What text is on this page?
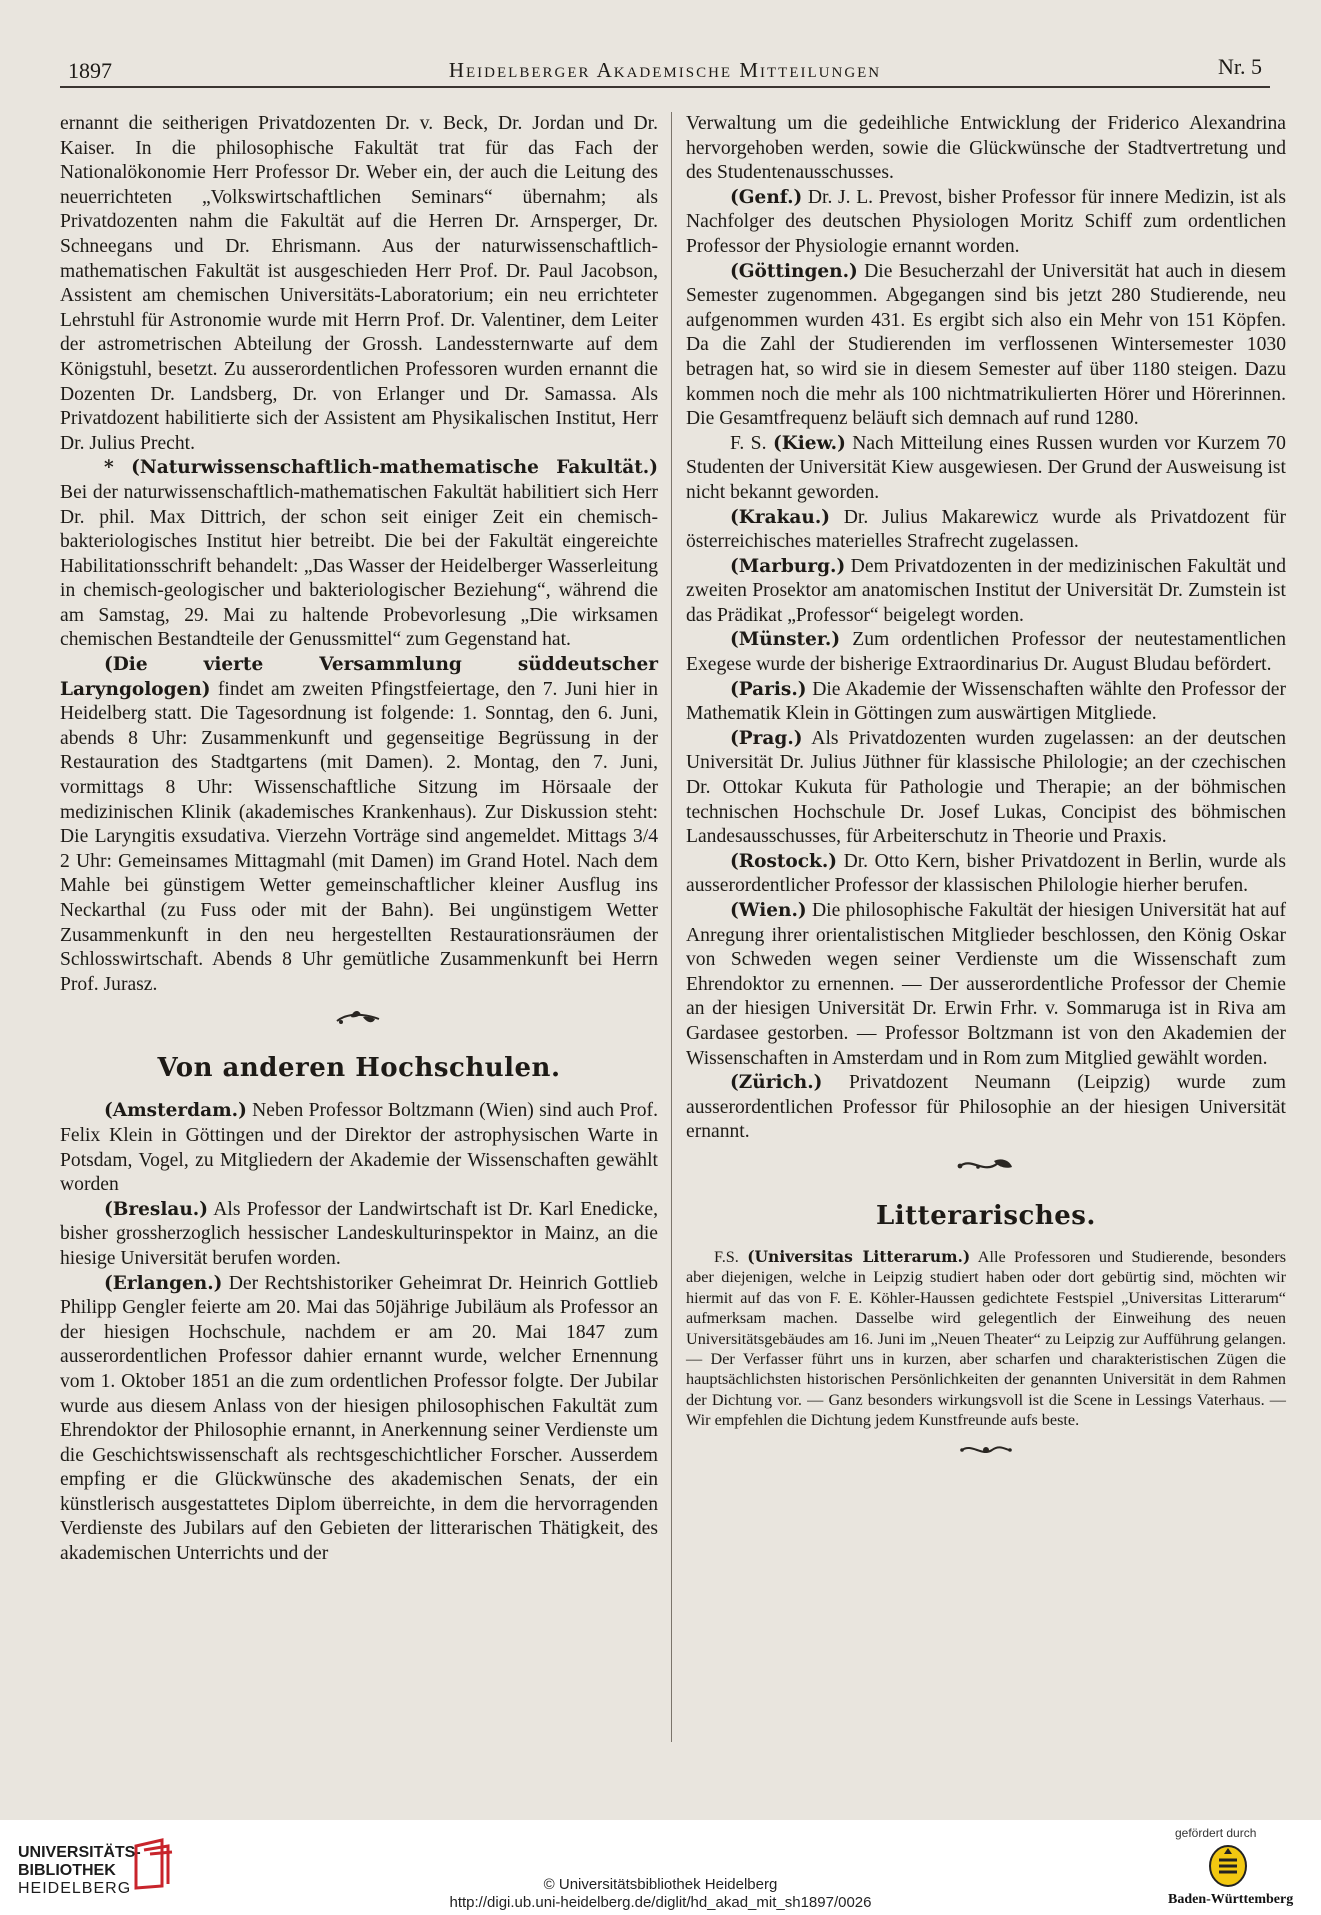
1897	Heidelberger Akademische Mitteilungen	Nr. 5

ernannt die seitherigen Privatdozenten Dr. v. Beck, Dr. Jordan und Dr. Kaiser. In die philosophische Fakultät trat für das Fach der Nationalökonomie Herr Professor Dr. Weber ein, der auch die Leitung des neuerrichteten „Volkswirtschaftlichen Seminars“ übernahm; als Privatdozenten nahm die Fakultät auf die Herren Dr. Arnsperger, Dr. Schneegans und Dr. Ehrismann. Aus der naturwissenschaftlich-mathematischen Fakultät ist ausgeschieden Herr Prof. Dr. Paul Jacobson, Assistent am chemischen Universitäts-Laboratorium; ein neu errichteter Lehrstuhl für Astronomie wurde mit Herrn Prof. Dr. Valentiner, dem Leiter der astrometrischen Abteilung der Grossh. Landessternwarte auf dem Königstuhl, besetzt. Zu ausserordentlichen Professoren wurden ernannt die Dozenten Dr. Landsberg, Dr. von Erlanger und Dr. Samassa. Als Privatdozent habilitierte sich der Assistent am Physikalischen Institut, Herr Dr. Julius Precht.

* (Naturwissenschaftlich-mathematische Fakultät.) Bei der naturwissenschaftlich-mathematischen Fakultät habilitiert sich Herr Dr. phil. Max Dittrich, der schon seit einiger Zeit ein chemisch-bakteriologisches Institut hier betreibt. Die bei der Fakultät eingereichte Habilitationsschrift behandelt: „Das Wasser der Heidelberger Wasserleitung in chemisch-geologischer und bakteriologischer Beziehung“, während die am Samstag, 29. Mai zu haltende Probevorlesung „Die wirksamen chemischen Bestandteile der Genussmittel“ zum Gegenstand hat.

(Die vierte Versammlung süddeutscher Laryngologen) findet am zweiten Pfingstfeiertage, den 7. Juni hier in Heidelberg statt. Die Tagesordnung ist folgende: 1. Sonntag, den 6. Juni, abends 8 Uhr: Zusammenkunft und gegenseitige Begrüssung in der Restauration des Stadtgartens (mit Damen). 2. Montag, den 7. Juni, vormittags 8 Uhr: Wissenschaftliche Sitzung im Hörsaale der medizinischen Klinik (akademisches Krankenhaus). Zur Diskussion steht: Die Laryngitis exsudativa. Vierzehn Vorträge sind angemeldet. Mittags 3/4 2 Uhr: Gemeinsames Mittagmahl (mit Damen) im Grand Hotel. Nach dem Mahle bei günstigem Wetter gemeinschaftlicher kleiner Ausflug ins Neckarthal (zu Fuss oder mit der Bahn). Bei ungünstigem Wetter Zusammenkunft in den neu hergestellten Restaurationsräumen der Schlosswirtschaft. Abends 8 Uhr gemütliche Zusammenkunft bei Herrn Prof. Jurasz.

Von anderen Hochschulen.

(Amsterdam.) Neben Professor Boltzmann (Wien) sind auch Prof. Felix Klein in Göttingen und der Direktor der astrophysischen Warte in Potsdam, Vogel, zu Mitgliedern der Akademie der Wissenschaften gewählt worden

(Breslau.) Als Professor der Landwirtschaft ist Dr. Karl Enedicke, bisher grossherzoglich hessischer Landeskulturinspektor in Mainz, an die hiesige Universität berufen worden.

(Erlangen.) Der Rechtshistoriker Geheimrat Dr. Heinrich Gottlieb Philipp Gengler feierte am 20. Mai das 50jährige Jubiläum als Professor an der hiesigen Hochschule, nachdem er am 20. Mai 1847 zum ausserordentlichen Professor dahier ernannt wurde, welcher Ernennung vom 1. Oktober 1851 an die zum ordentlichen Professor folgte. Der Jubilar wurde aus diesem Anlass von der hiesigen philosophischen Fakultät zum Ehrendoktor der Philosophie ernannt, in Anerkennung seiner Verdienste um die Geschichtswissenschaft als rechtsgeschichtlicher Forscher. Ausserdem empfing er die Glückwünsche des akademischen Senats, der ein künstlerisch ausgestattetes Diplom überreichte, in dem die hervorragenden Verdienste des Jubilars auf den Gebieten der litterarischen Thätigkeit, des akademischen Unterrichts und der

Verwaltung um die gedeihliche Entwicklung der Friderico Alexandrina hervorgehoben werden, sowie die Glückwünsche der Stadtvertretung und des Studentenausschusses.

(Genf.) Dr. J. L. Prevost, bisher Professor für innere Medizin, ist als Nachfolger des deutschen Physiologen Moritz Schiff zum ordentlichen Professor der Physiologie ernannt worden.

(Göttingen.) Die Besucherzahl der Universität hat auch in diesem Semester zugenommen. Abgegangen sind bis jetzt 280 Studierende, neu aufgenommen wurden 431. Es ergibt sich also ein Mehr von 151 Köpfen. Da die Zahl der Studierenden im verflossenen Wintersemester 1030 betragen hat, so wird sie in diesem Semester auf über 1180 steigen. Dazu kommen noch die mehr als 100 nichtmatrikulierten Hörer und Hörerinnen. Die Gesamtfrequenz beläuft sich demnach auf rund 1280.

F. S. (Kiew.) Nach Mitteilung eines Russen wurden vor Kurzem 70 Studenten der Universität Kiew ausgewiesen. Der Grund der Ausweisung ist nicht bekannt geworden.

(Krakau.) Dr. Julius Makarewicz wurde als Privatdozent für österreichisches materielles Strafrecht zugelassen.

(Marburg.) Dem Privatdozenten in der medizinischen Fakultät und zweiten Prosektor am anatomischen Institut der Universität Dr. Zumstein ist das Prädikat „Professor“ beigelegt worden.

(Münster.) Zum ordentlichen Professor der neutestamentlichen Exegese wurde der bisherige Extraordinarius Dr. August Bludau befördert.

(Paris.) Die Akademie der Wissenschaften wählte den Professor der Mathematik Klein in Göttingen zum auswärtigen Mitgliede.

(Prag.) Als Privatdozenten wurden zugelassen: an der deutschen Universität Dr. Julius Jüthner für klassische Philologie; an der czechischen Dr. Ottokar Kukuta für Pathologie und Therapie; an der böhmischen technischen Hochschule Dr. Josef Lukas, Concipist des böhmischen Landesausschusses, für Arbeiterschutz in Theorie und Praxis.

(Rostock.) Dr. Otto Kern, bisher Privatdozent in Berlin, wurde als ausserordentlicher Professor der klassischen Philologie hierher berufen.

(Wien.) Die philosophische Fakultät der hiesigen Universität hat auf Anregung ihrer orientalistischen Mitglieder beschlossen, den König Oskar von Schweden wegen seiner Verdienste um die Wissenschaft zum Ehrendoktor zu ernennen. — Der ausserordentliche Professor der Chemie an der hiesigen Universität Dr. Erwin Frhr. v. Sommaruga ist in Riva am Gardasee gestorben. — Professor Boltzmann ist von den Akademien der Wissenschaften in Amsterdam und in Rom zum Mitglied gewählt worden.

(Zürich.) Privatdozent Neumann (Leipzig) wurde zum ausserordentlichen Professor für Philosophie an der hiesigen Universität ernannt.

Litterarisches.

F.S. (Universitas Litterarum.) Alle Professoren und Studierende, besonders aber diejenigen, welche in Leipzig studiert haben oder dort gebürtig sind, möchten wir hiermit auf das von F. E. Köhler-Haussen gedichtete Festspiel „Universitas Litterarum“ aufmerksam machen. Dasselbe wird gelegentlich der Einweihung des neuen Universitätsgebäudes am 16. Juni im „Neuen Theater“ zu Leipzig zur Aufführung gelangen. — Der Verfasser führt uns in kurzen, aber scharfen und charakteristischen Zügen die hauptsächlichsten historischen Persönlichkeiten der genannten Universität in dem Rahmen der Dichtung vor. — Ganz besonders wirkungsvoll ist die Scene in Lessings Vaterhaus. — Wir empfehlen die Dichtung jedem Kunstfreunde aufs beste.

UNIVERSITÄTS-
BIBLIOTHEK
HEIDELBERG	© Universitätsbibliothek Heidelberg
http://digi.ub.uni-heidelberg.de/diglit/hd_akad_mit_sh1897/0026
gefördert durch
Baden-Württemberg
